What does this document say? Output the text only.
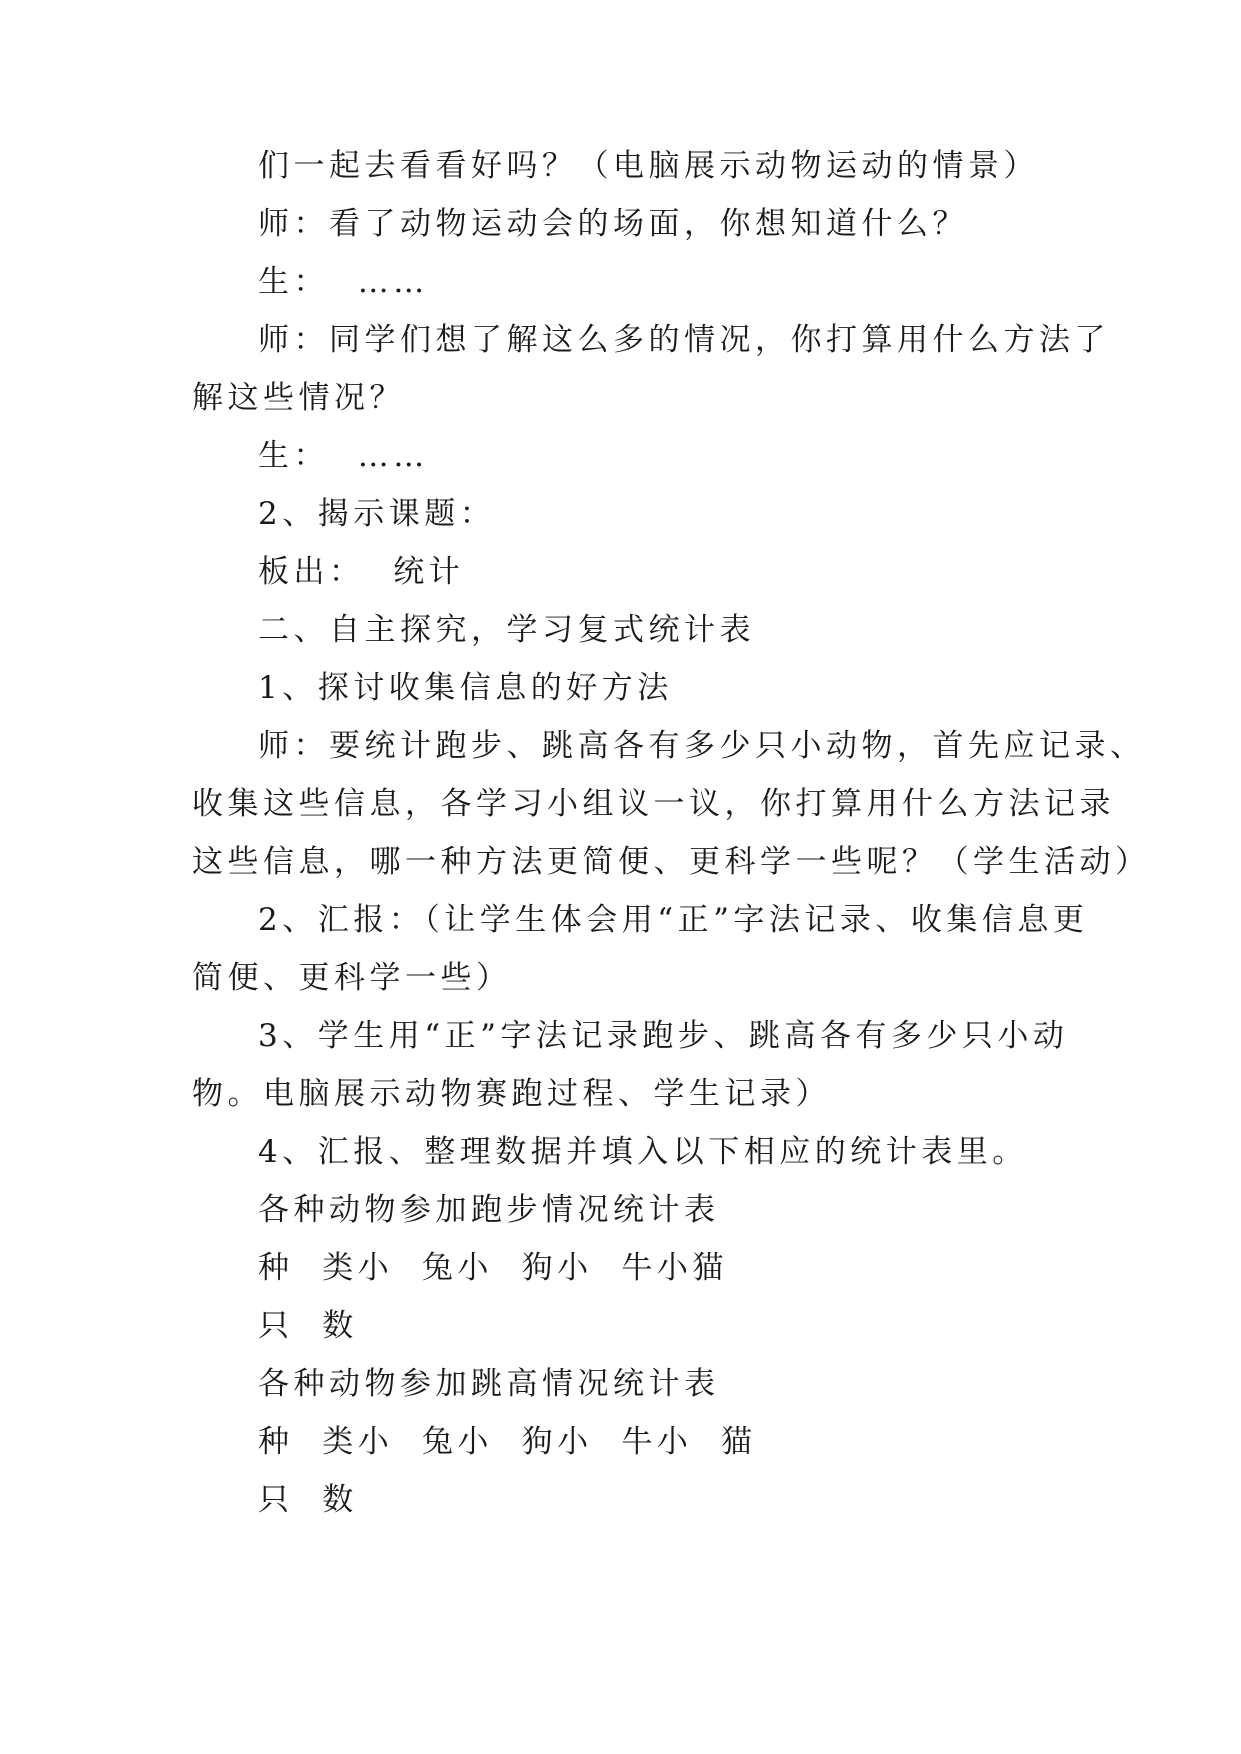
们一起去看看好吗？（电脑展示动物运动的情景）
师：看了动物运动会的场面，你想知道什么？
生：  ……
师：同学们想了解这么多的情况，你打算用什么方法了
解这些情况？
生：  ……
2、揭示课题：
板出：  统计
二、自主探究，学习复式统计表
1、探讨收集信息的好方法
师：要统计跑步、跳高各有多少只小动物，首先应记录、
收集这些信息，各学习小组议一议，你打算用什么方法记录
这些信息，哪一种方法更简便、更科学一些呢？（学生活动）
2、汇报：（让学生体会用“正”字法记录、收集信息更
简便、更科学一些）
3、学生用“正”字法记录跑步、跳高各有多少只小动
物。电脑展示动物赛跑过程、学生记录）
4、汇报、整理数据并填入以下相应的统计表里。
各种动物参加跑步情况统计表
种  类小  兔小  狗小  牛小猫
只  数
各种动物参加跳高情况统计表
种  类小  兔小  狗小  牛小  猫
只  数
